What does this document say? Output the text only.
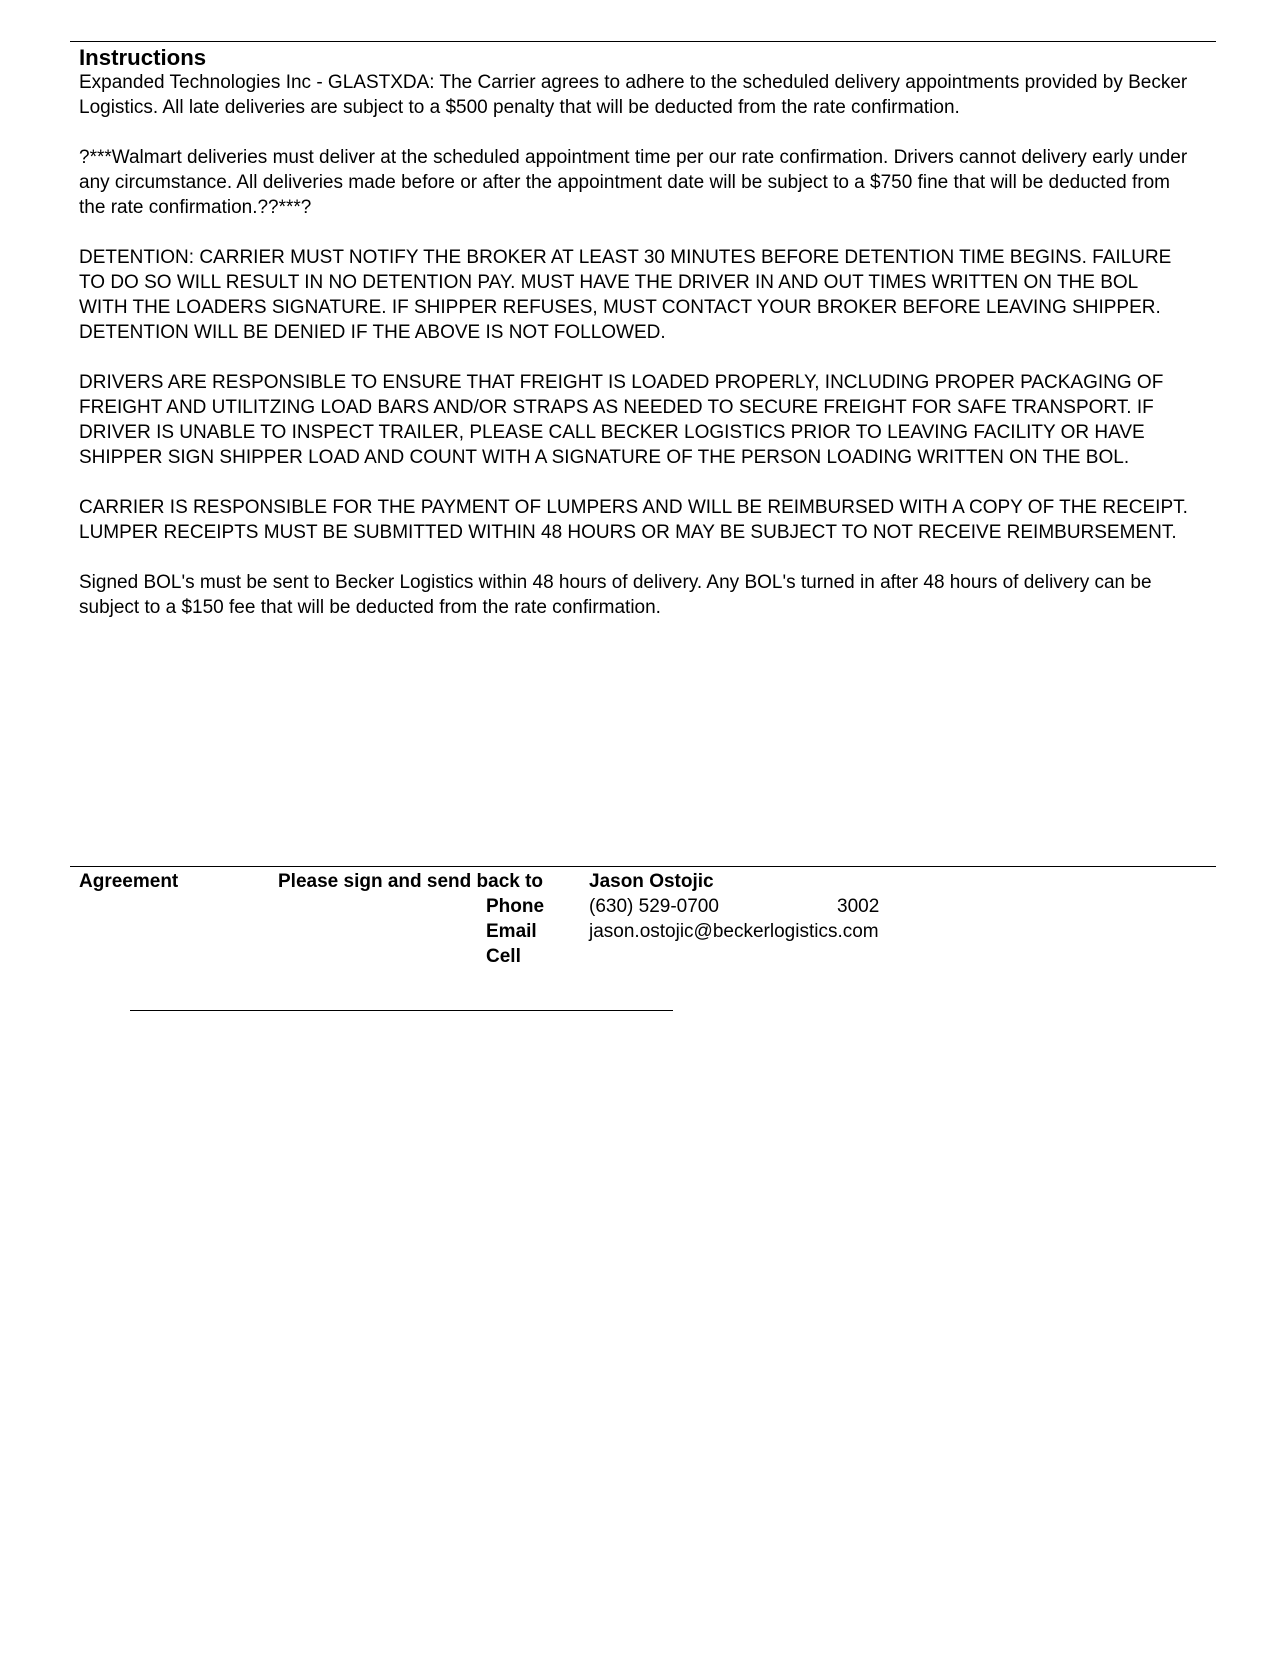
Instructions

Expanded Technologies Inc - GLASTXDA: The Carrier agrees to adhere to the scheduled delivery appointments provided by Becker Logistics. All late deliveries are subject to a $500 penalty that will be deducted from the rate confirmation.

?***Walmart deliveries must deliver at the scheduled appointment time per our rate confirmation. Drivers cannot delivery early under any circumstance. All deliveries made before or after the appointment date will be subject to a $750 fine that will be deducted from the rate confirmation.??***?

DETENTION: CARRIER MUST NOTIFY THE BROKER AT LEAST 30 MINUTES BEFORE DETENTION TIME BEGINS. FAILURE TO DO SO WILL RESULT IN NO DETENTION PAY. MUST HAVE THE DRIVER IN AND OUT TIMES WRITTEN ON THE BOL WITH THE LOADERS SIGNATURE. IF SHIPPER REFUSES, MUST CONTACT YOUR BROKER BEFORE LEAVING SHIPPER. DETENTION WILL BE DENIED IF THE ABOVE IS NOT FOLLOWED.

DRIVERS ARE RESPONSIBLE TO ENSURE THAT FREIGHT IS LOADED PROPERLY, INCLUDING PROPER PACKAGING OF FREIGHT AND UTILITZING LOAD BARS AND/OR STRAPS AS NEEDED TO SECURE FREIGHT FOR SAFE TRANSPORT. IF DRIVER IS UNABLE TO INSPECT TRAILER, PLEASE CALL BECKER LOGISTICS PRIOR TO LEAVING FACILITY OR HAVE SHIPPER SIGN SHIPPER LOAD AND COUNT WITH A SIGNATURE OF THE PERSON LOADING WRITTEN ON THE BOL.

CARRIER IS RESPONSIBLE FOR THE PAYMENT OF LUMPERS AND WILL BE REIMBURSED WITH A COPY OF THE RECEIPT. LUMPER RECEIPTS MUST BE SUBMITTED WITHIN 48 HOURS OR MAY BE SUBJECT TO NOT RECEIVE REIMBURSEMENT.

Signed BOL's must be sent to Becker Logistics within 48 hours of delivery. Any BOL's turned in after 48 hours of delivery can be subject to a $150 fee that will be deducted from the rate confirmation.

Agreement	Please sign and send back to Jason Ostojic
Phone (630) 529-0700	3002
Email	jason.ostojic@beckerlogistics.com
Cell
